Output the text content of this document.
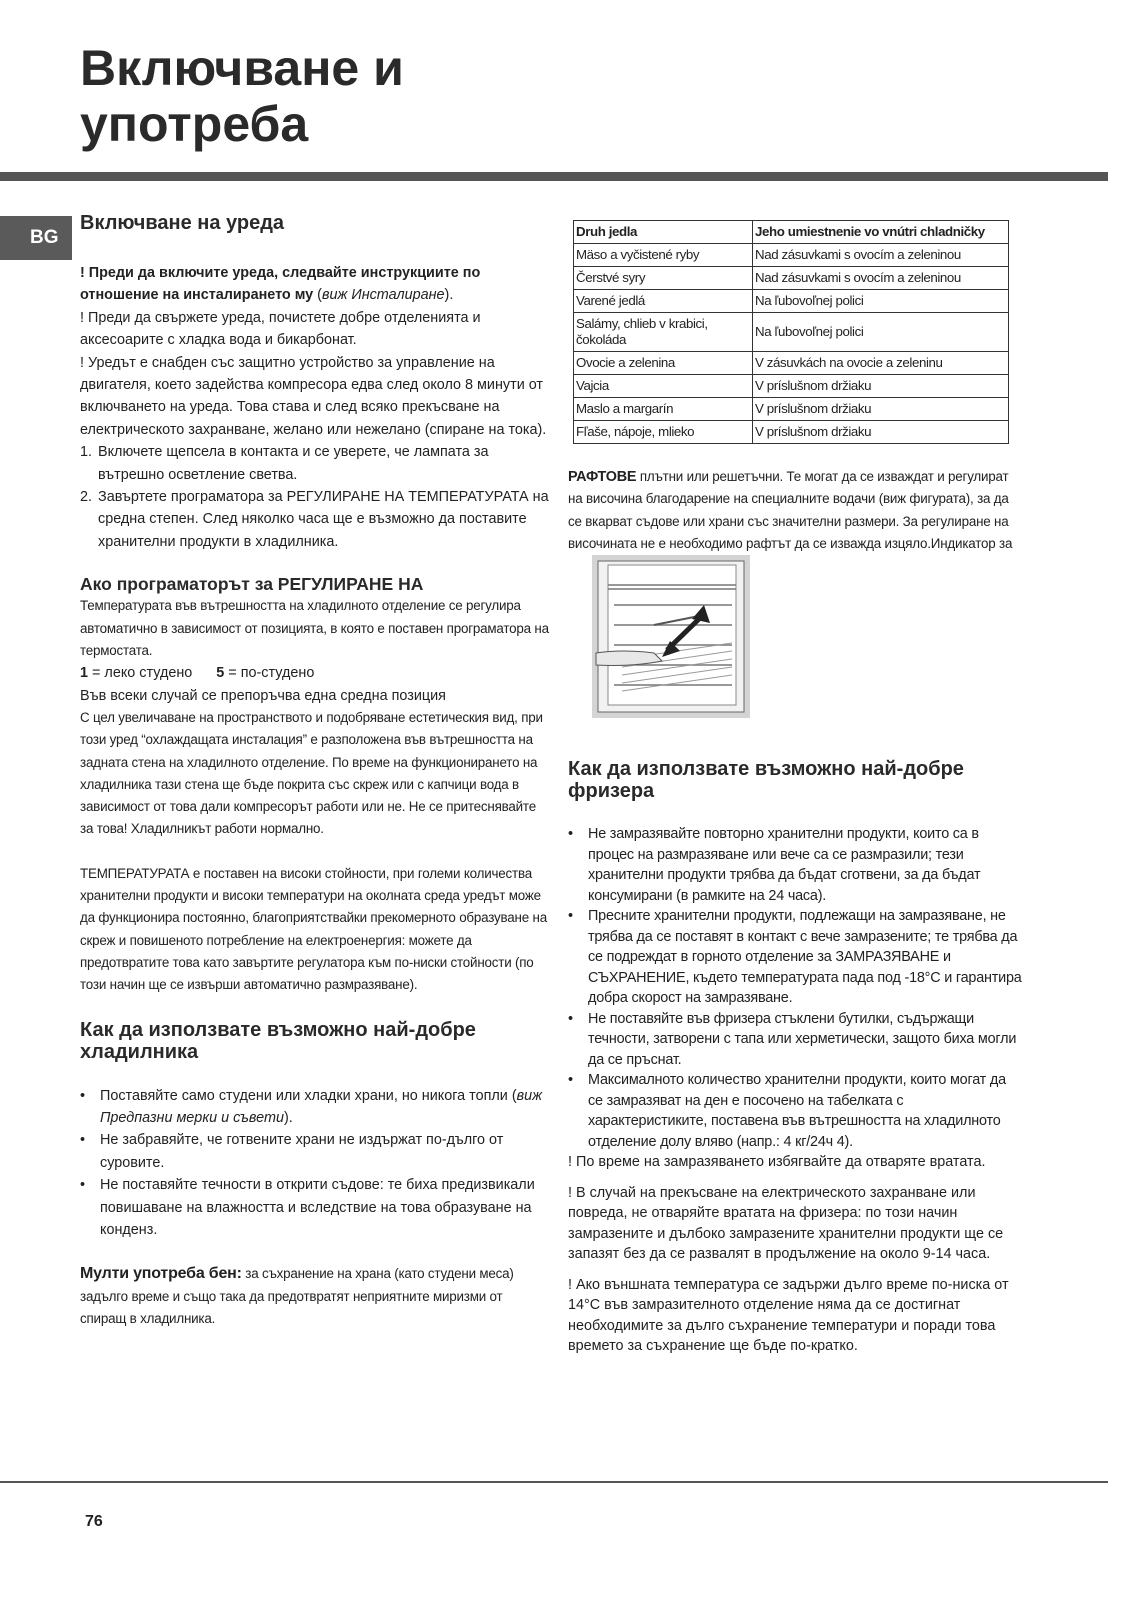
Включване и
употреба
BG
Включване на уреда

! Преди да включите уреда, следвайте инструкциите по отношение на инсталирането му (виж Инсталиране).

! Преди да свържете уреда, почистете добре отделенията и аксесоарите с хладка вода и бикарбонат.

! Уредът е снабден със защитно устройство за управление на двигателя, което задейства компресора едва след около 8 минути от включването на уреда. Това става и след всяко прекъсване на електрическото захранване, желано или нежелано (спиране на тока).

1. Включете щепсела в контакта и се уверете, че лампата за вътрешно осветление светва.
2. Завъртете програматора за РЕГУЛИРАНЕ НА ТЕМПЕРАТУРАТА на средна степен. След няколко часа ще е възможно да поставите хранителни продукти в хладилника.
Ако програматорът за РЕГУЛИРАНЕ НА

Температурата във вътрешността на хладилното отделение се регулира автоматично в зависимост от позицията, в която е поставен програматора на термостата.

1 = леко студено 5 = по-студено

Във всеки случай се препоръчва една средна позиция

С цел увеличаване на пространството и подобряване естетическия вид, при този уред “охлаждащата инсталация” е разположена във вътрешността на задната стена на хладилното отделение. По време на функционирането на хладилника тази стена ще бъде покрита със скреж или с капчици вода в зависимост от това дали компресорът работи или не. Не се притеснявайте за това! Хладилникът работи нормално.

ТЕМПЕРАТУРАТА е поставен на високи стойности, при големи количества хранителни продукти и високи температури на околната среда уредът може да функционира постоянно, благоприятствайки прекомерното образуване на скреж и повишеното потребление на електроенергия: можете да предотвратите това като завъртите регулатора към по-ниски стойности (по този начин ще се извърши автоматично размразяване).

Как да използвате възможно най-добре хладилника
• Поставяйте само студени или хладки храни, но никога топли (виж Предпазни мерки и съвети).
• Не забравяйте, че готвените храни не издържат по-дълго от суровите.
• Не поставяйте течности в открити съдове: те биха предизвикали повишаване на влажността и вследствие на това образуване на конденз.

Мулти употреба бен: за съхранение на храна (като студени меса) задълго време и също така да предотвратят неприятните миризми от спиращ в хладилника.

Druh jedla	Jeho umiestnenie vo vnútri chladničky
Mäso a vyčistené ryby	Nad zásuvkami s ovocím a zeleninou
Čerstvé syry	Nad zásuvkami s ovocím a zeleninou
Varené jedlá	Na ľubovoľnej polici
Salámy, chlieb v krabici, čokoláda	Na ľubovoľnej polici
Ovocie a zelenina	V zásuvkách na ovocie a zeleninu
Vajcia	V príslušnom držiaku
Maslo a margarín	V príslušnom držiaku
Fľaše, nápoje, mlieko	V príslušnom držiaku

РАФТОВЕ плътни или решетъчни. Те могат да се изваждат и регулират на височина благодарение на специалните водачи (виж фигурата), за да се вкарват съдове или храни със значителни размери. За регулиране на височината не е необходимо рафтът да се изважда изцяло.Индикатор за

Как да използвате възможно най-добре фризера
• Не замразявайте повторно хранителни продукти, които са в процес на размразяване или вече са се размразили; тези хранителни продукти трябва да бъдат сготвени, за да бъдат консумирани (в рамките на 24 часа).
• Пресните хранителни продукти, подлежащи на замразяване, не трябва да се поставят в контакт с вече замразените; те трябва да се подреждат в горното отделение за ЗАМРАЗЯВАНЕ и СЪХРАНЕНИЕ, където температурата пада под -18°С и гарантира добра скорост на замразяване.
• Не поставяйте във фризера стъклени бутилки, съдържащи течности, затворени с тапа или херметически, защото биха могли да се пръснат.
• Максималното количество хранителни продукти, които могат да се замразяват на ден е посочено на табелката с характеристиките, поставена във вътрешността на хладилното отделение долу вляво (напр.: 4 кг/24ч 4).

! По време на замразяването избягвайте да отваряте вратата.

! В случай на прекъсване на електрическото захранване или повреда, не отваряйте вратата на фризера: по този начин замразените и дълбоко замразените хранителни продукти ще се запазят без да се развалят в продължение на около 9-14 часа.

! Ако външната температура се задържи дълго време по-ниска от 14°С във замразителното отделение няма да се достигнат необходимите за дълго съхранение температури и поради това времето за съхранение ще бъде по-кратко.

76
